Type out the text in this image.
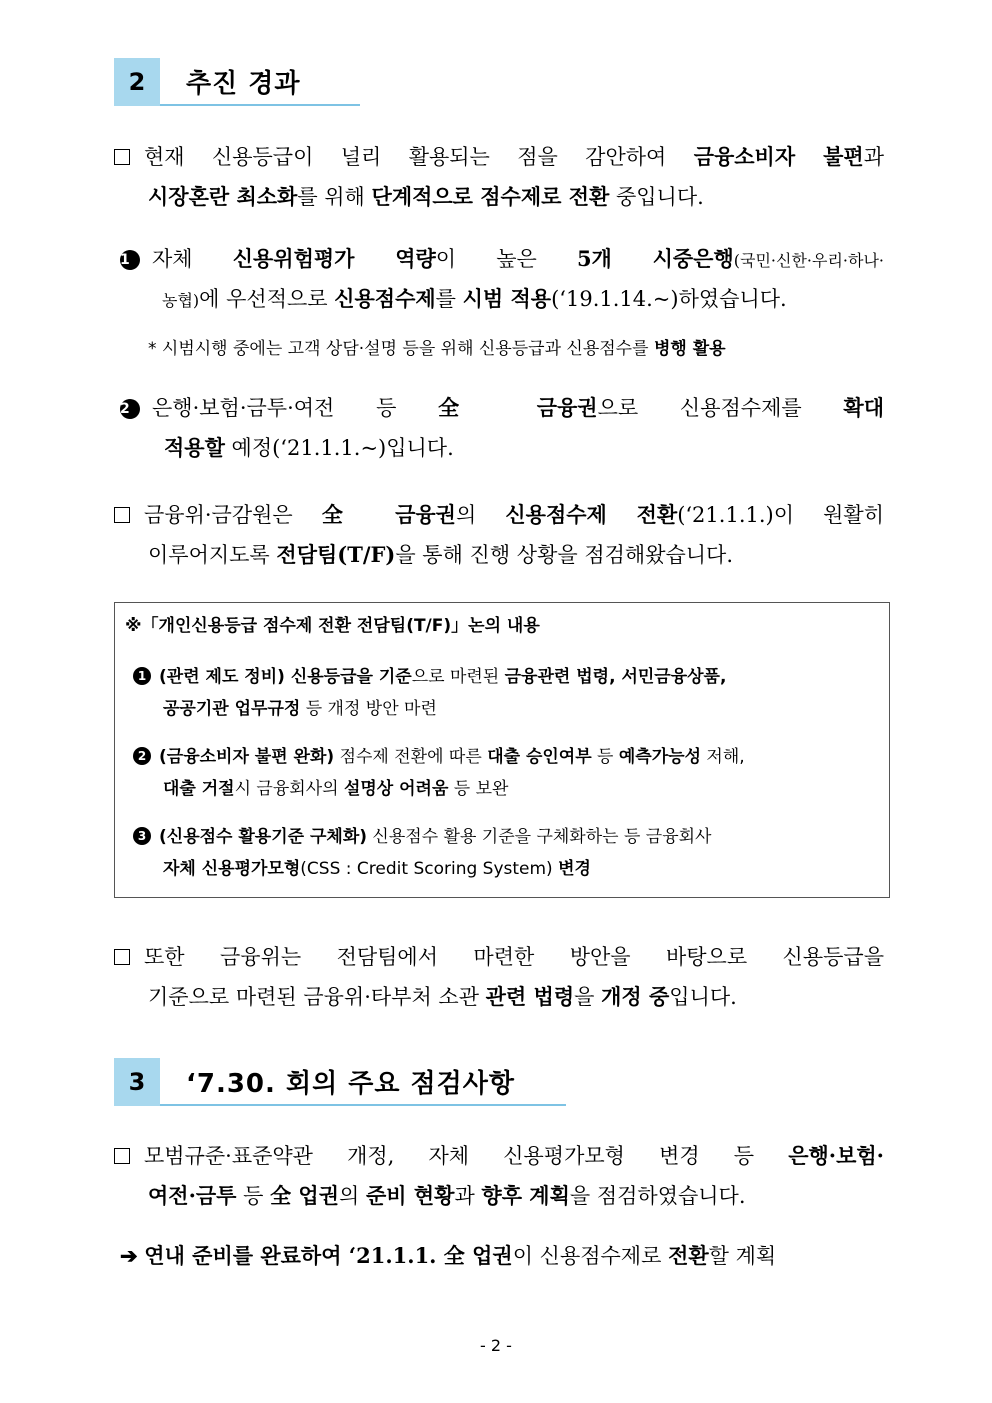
2	추진 경과
현재 신용등급이 널리 활용되는 점을 감안하여 금융소비자 불편과
시장혼란 최소화를 위해 단계적으로 점수제로 전환 중입니다.
1 자체 신용위험평가 역량이 높은 5개 시중은행(국민·신한·우리·하나·
농협)에 우선적으로 신용점수제를 시범 적용(‘19.1.14.~)하였습니다.
* 시범시행 중에는 고객 상담·설명 등을 위해 신용등급과 신용점수를 병행 활용
2 은행·보험·금투·여전 등 全 금융권으로 신용점수제를 확대
적용할 예정(‘21.1.1.~)입니다.
금융위·금감원은 全 금융권의 신용점수제 전환(‘21.1.1.)이 원활히
이루어지도록 전담팀(T/F)을 통해 진행 상황을 점검해왔습니다.
※「개인신용등급 점수제 전환 전담팀(T/F)」논의 내용
1 (관련 제도 정비) 신용등급을 기준으로 마련된 금융관련 법령, 서민금융상품,
공공기관 업무규정 등 개정 방안 마련
2 (금융소비자 불편 완화) 점수제 전환에 따른 대출 승인여부 등 예측가능성 저해,
대출 거절시 금융회사의 설명상 어려움 등 보완
3 (신용점수 활용기준 구체화) 신용점수 활용 기준을 구체화하는 등 금융회사
자체 신용평가모형(CSS : Credit Scoring System) 변경
또한 금융위는 전담팀에서 마련한 방안을 바탕으로 신용등급을
기준으로 마련된 금융위·타부처 소관 관련 법령을 개정 중입니다.
3	‘7.30. 회의 주요 점검사항
모범규준·표준약관 개정, 자체 신용평가모형 변경 등 은행·보험·
여전·금투 등 全 업권의 준비 현황과 향후 계획을 점검하였습니다.
➔ 연내 준비를 완료하여 ‘21.1.1. 全 업권이 신용점수제로 전환할 계획
- 2 -
